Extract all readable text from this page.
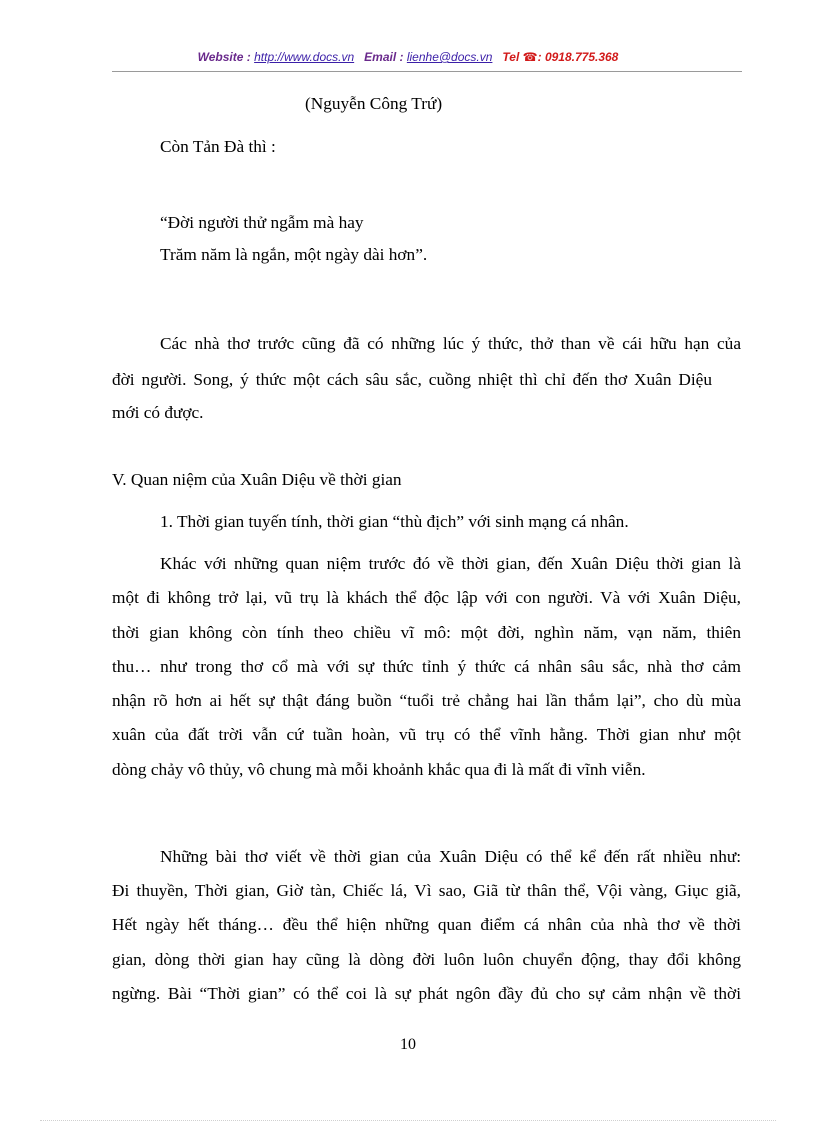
Website : http://www.docs.vn Email : lienhe@docs.vn Tel ☎: 0918.775.368
(Nguyễn Công Trứ)
Còn Tản Đà thì :
“Đời người thử ngẫm mà hay
Trăm năm là ngắn, một ngày dài hơn”.
Các nhà thơ trước cũng đã có những lúc ý thức, thở than về cái hữu hạn của
đời người. Song, ý thức một cách sâu sắc, cuồng nhiệt thì chỉ đến thơ Xuân Diệu
mới có được.
V. Quan niệm của Xuân Diệu về thời gian
1. Thời gian tuyến tính, thời gian “thù địch” với sinh mạng cá nhân.
Khác với những quan niệm trước đó về thời gian, đến Xuân Diệu thời gian là
một đi không trở lại, vũ trụ là khách thể độc lập với con người. Và với Xuân Diệu,
thời gian không còn tính theo chiều vĩ mô: một đời, nghìn năm, vạn năm, thiên
thu… như trong thơ cổ mà với sự thức tỉnh ý thức cá nhân sâu sắc, nhà thơ cảm
nhận rõ hơn ai hết sự thật đáng buồn “tuổi trẻ chẳng hai lần thắm lại”, cho dù mùa
xuân của đất trời vẫn cứ tuần hoàn, vũ trụ có thể vĩnh hằng. Thời gian như một
dòng chảy vô thủy, vô chung mà mỗi khoảnh khắc qua đi là mất đi vĩnh viễn.
Những bài thơ viết về thời gian của Xuân Diệu có thể kể đến rất nhiều như:
Đi thuyền, Thời gian, Giờ tàn, Chiếc lá, Vì sao, Giã từ thân thể, Vội vàng, Giục giã,
Hết ngày hết tháng… đều thể hiện những quan điểm cá nhân của nhà thơ về thời
gian, dòng thời gian hay cũng là dòng đời luôn luôn chuyển động, thay đổi không
ngừng. Bài “Thời gian” có thể coi là sự phát ngôn đầy đủ cho sự cảm nhận về thời
10
